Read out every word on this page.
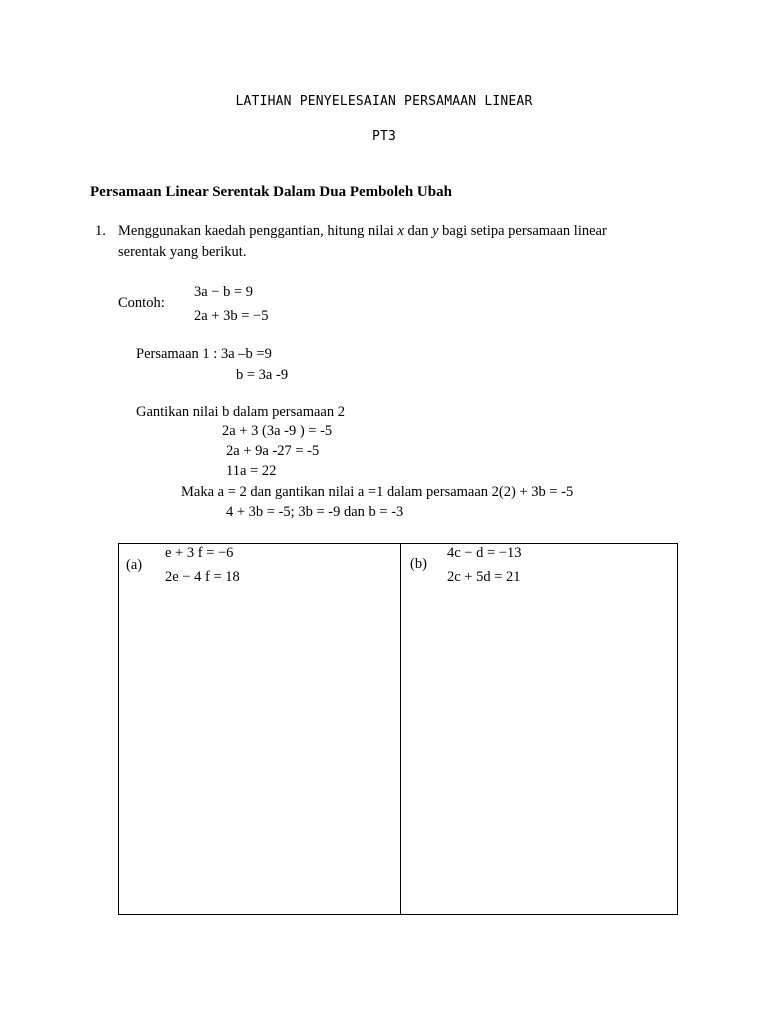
LATIHAN PENYELESAIAN PERSAMAAN LINEAR
PT3
Persamaan Linear Serentak Dalam Dua Pemboleh Ubah
1. Menggunakan kaedah penggantian, hitung nilai x dan y bagi setipa persamaan linear
serentak yang berikut.
Contoh:
3a − b = 9
2a + 3b = −5
Persamaan 1 : 3a –b =9
b = 3a -9
Gantikan nilai b dalam persamaan 2
2a + 3 (3a -9 ) = -5
2a + 9a -27 = -5
11a = 22
Maka a = 2 dan gantikan nilai a =1 dalam persamaan 2(2) + 3b = -5
4 + 3b = -5; 3b = -9 dan b = -3
(a)
e + 3 f = −6
2e − 4 f = 18
(b)
4c − d = −13
2c + 5d = 21
